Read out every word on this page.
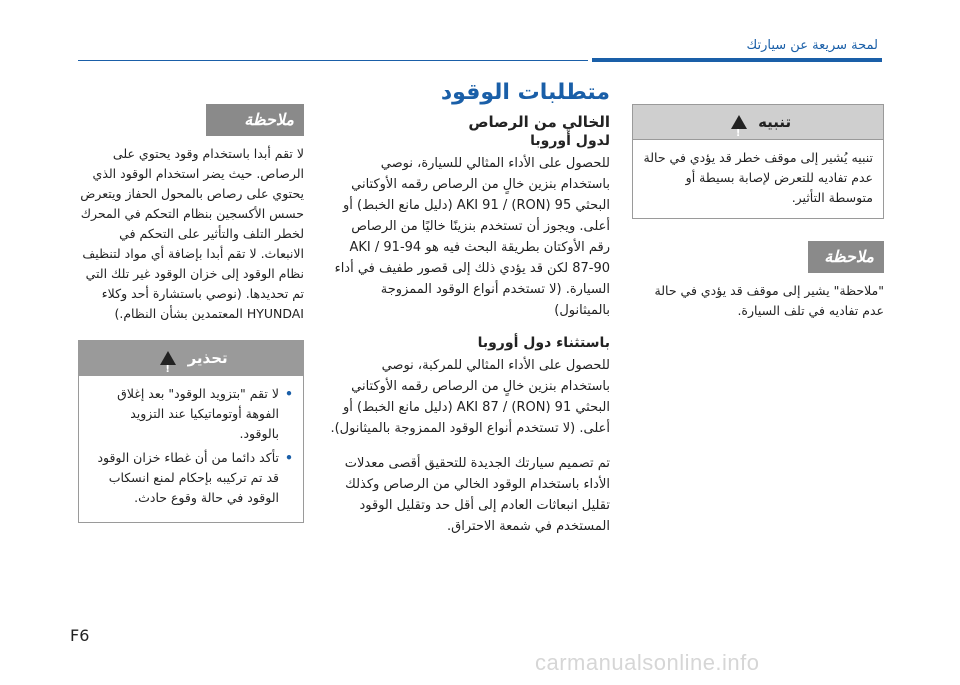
لمحة سريعة عن سيارتك
تنبيه !
تنبيه يُشير إلى موقف خطر قد يؤدي في حالة عدم تفاديه للتعرض لإصابة بسيطة أو متوسطة التأثير.
ملاحظة

"ملاحظة" يشير إلى موقف قد يؤدي في حالة عدم تفاديه في تلف السيارة.

متطلبات الوقود
الخالي من الرصاص
لدول أوروبا

للحصول على الأداء المثالي للسيارة، نوصي باستخدام بنزين خالٍ من الرصاص رقمه الأوكتاني البحثي 95 (RON) / AKI 91 (دليل مانع الخبط) أو أعلى. ويجوز أن تستخدم بنزينًا خاليًا من الرصاص رقم الأوكتان بطريقة البحث فيه هو AKI / 91-94 87-90 لكن قد يؤدي ذلك إلى قصور طفيف في أداء السيارة. (لا تستخدم أنواع الوقود الممزوجة بالميثانول)

باستثناء دول أوروبا

للحصول على الأداء المثالي للمركبة، نوصي باستخدام بنزين خالٍ من الرصاص رقمه الأوكتاني البحثي 91 (RON) / AKI 87 (دليل مانع الخبط) أو أعلى. (لا تستخدم أنواع الوقود الممزوجة بالميثانول).

تم تصميم سيارتك الجديدة للتحقيق أقصى معدلات الأداء باستخدام الوقود الخالي من الرصاص وكذلك تقليل انبعاثات العادم إلى أقل حد وتقليل الوقود المستخدم في شمعة الاحتراق.

ملاحظة

لا تقم أبدا باستخدام وقود يحتوي على الرصاص. حيث يضر استخدام الوقود الذي يحتوي على رصاص بالمحول الحفاز ويتعرض حسس الأكسجين بنظام التحكم في المحرك لخطر التلف والتأثير على التحكم في الانبعاث. لا تقم أبدا بإضافة أي مواد لتنظيف نظام الوقود إلى خزان الوقود غير تلك التي تم تحديدها. (نوصي باستشارة أحد وكلاء HYUNDAI المعتمدين بشأن النظام.)

تحذير !
• لا تقم "بتزويد الوقود" بعد إغلاق الفوهة أوتوماتيكيا عند التزويد بالوقود.
• تأكد دائما من أن غطاء خزان الوقود قد تم تركيبه بإحكام لمنع انسكاب الوقود في حالة وقوع حادث.
F6
carmanualsonline.info
